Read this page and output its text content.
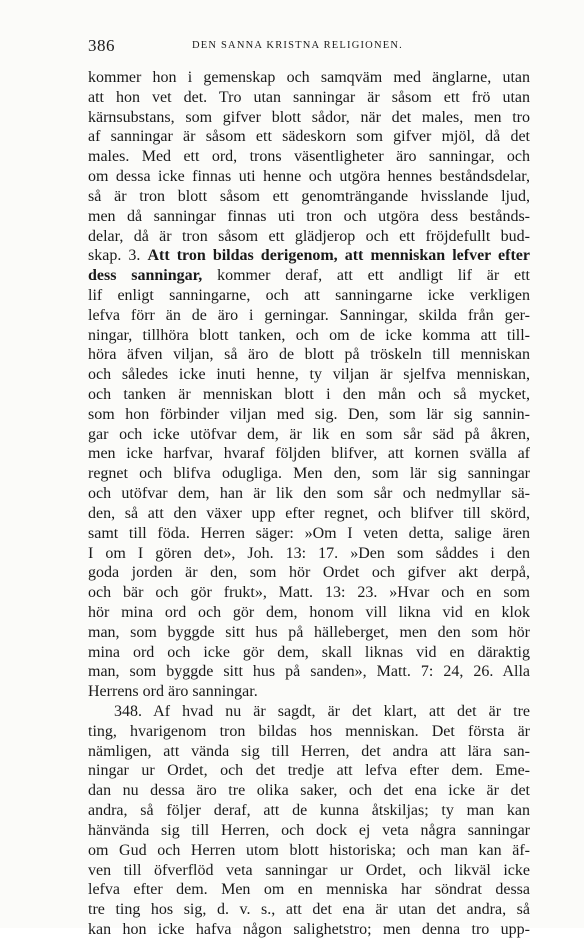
386	DEN SANNA KRISTNA RELIGIONEN.
kommer hon i gemenskap och samqväm med änglarne, utan
att hon vet det. Tro utan sanningar är såsom ett frö utan
kärnsubstans, som gifver blott sådor, när det males, men tro
af sanningar är såsom ett sädeskorn som gifver mjöl, då det
males. Med ett ord, trons väsentligheter äro sanningar, och
om dessa icke finnas uti henne och utgöra hennes beståndsdelar,
så är tron blott såsom ett genomträngande hvisslande ljud,
men då sanningar finnas uti tron och utgöra dess bestånds-
delar, då är tron såsom ett glädjerop och ett fröjdefullt bud-
skap. 3. Att tron bildas derigenom, att menniskan lefver efter
dess sanningar, kommer deraf, att ett andligt lif är ett
lif enligt sanningarne, och att sanningarne icke verkligen
lefva förr än de äro i gerningar. Sanningar, skilda från ger-
ningar, tillhöra blott tanken, och om de icke komma att till-
höra äfven viljan, så äro de blott på tröskeln till menniskan
och således icke inuti henne, ty viljan är sjelfva menniskan,
och tanken är menniskan blott i den mån och så mycket,
som hon förbinder viljan med sig. Den, som lär sig sannin-
gar och icke utöfvar dem, är lik en som sår säd på åkren,
men icke harfvar, hvaraf följden blifver, att kornen svälla af
regnet och blifva odugliga. Men den, som lär sig sanningar
och utöfvar dem, han är lik den som sår och nedmyllar sä-
den, så att den växer upp efter regnet, och blifver till skörd,
samt till föda. Herren säger: »Om I veten detta, salige ären
I om I gören det», Joh. 13: 17. »Den som såddes i den
goda jorden är den, som hör Ordet och gifver akt derpå,
och bär och gör frukt», Matt. 13: 23. »Hvar och en som
hör mina ord och gör dem, honom vill likna vid en klok
man, som byggde sitt hus på hälleberget, men den som hör
mina ord och icke gör dem, skall liknas vid en däraktig
man, som byggde sitt hus på sanden», Matt. 7: 24, 26. Alla
Herrens ord äro sanningar.
348. Af hvad nu är sagdt, är det klart, att det är tre
ting, hvarigenom tron bildas hos menniskan. Det första är
nämligen, att vända sig till Herren, det andra att lära san-
ningar ur Ordet, och det tredje att lefva efter dem. Eme-
dan nu dessa äro tre olika saker, och det ena icke är det
andra, så följer deraf, att de kunna åtskiljas; ty man kan
hänvända sig till Herren, och dock ej veta några sanningar
om Gud och Herren utom blott historiska; och man kan äf-
ven till öfverflöd veta sanningar ur Ordet, och likväl icke
lefva efter dem. Men om en menniska har söndrat dessa
tre ting hos sig, d. v. s., att det ena är utan det andra, så
kan hon icke hafva någon salighetstro; men denna tro upp-
